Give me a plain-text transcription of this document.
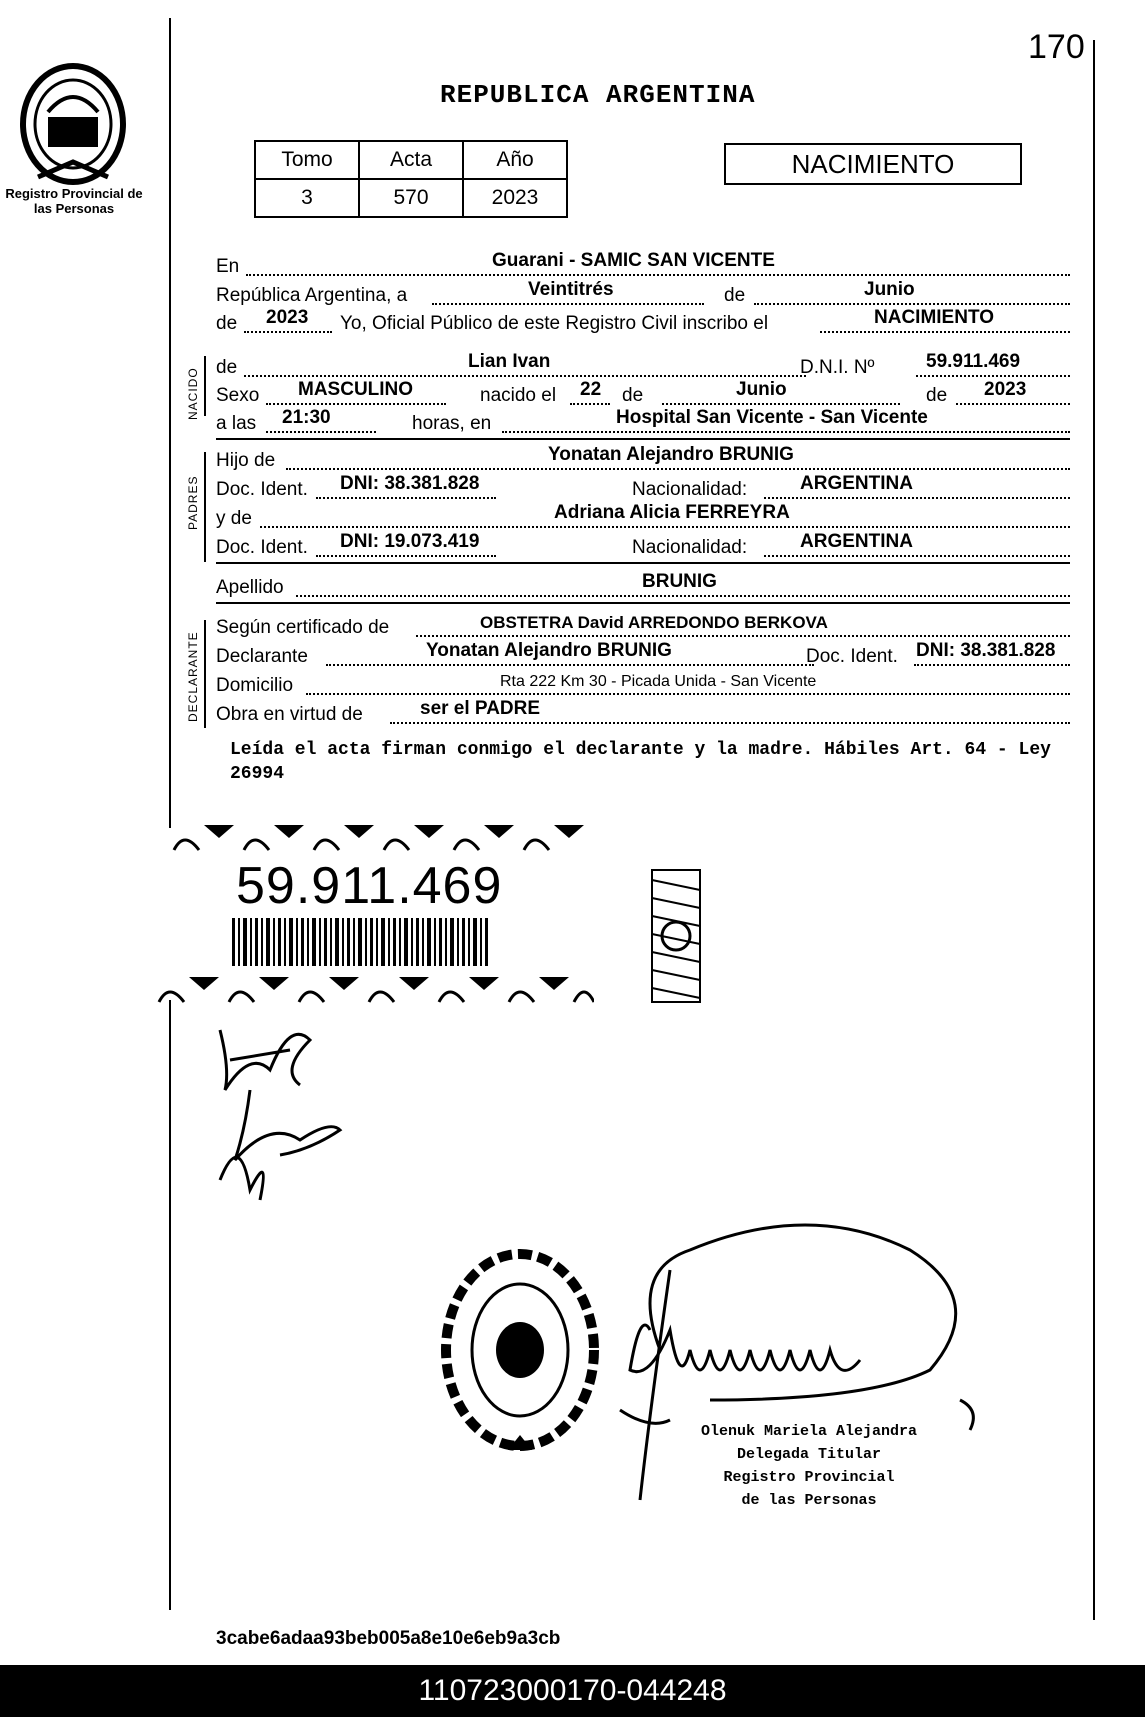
170
Registro Provincial de las Personas
REPUBLICA ARGENTINA
Tomo	Acta	Año
3	570	2023
NACIMIENTO
NACIDO
PADRES
DECLARANTE
En	Guarani - SAMIC SAN VICENTE
República Argentina, a	Veintitrés	de	Junio
de 2023 Yo, Oficial Público de este Registro Civil inscribo el	NACIMIENTO
de	Lian Ivan	D.N.I. Nº	59.911.469
Sexo MASCULINO	nacido el 22 de	Junio	de 2023
a las 21:30	horas, en	Hospital San Vicente - San Vicente
Hijo de	Yonatan Alejandro BRUNIG
Doc. Ident. DNI: 38.381.828	Nacionalidad:	ARGENTINA
y de	Adriana Alicia FERREYRA
Doc. Ident. DNI: 19.073.419	Nacionalidad:	ARGENTINA
Apellido	BRUNIG
Según certificado de	OBSTETRA David ARREDONDO BERKOVA
Declarante	Yonatan Alejandro BRUNIG	Doc. Ident. DNI: 38.381.828
Domicilio	Rta 222 Km 30 - Picada Unida - San Vicente
Obra en virtud de	ser el PADRE
Leída el acta firman conmigo el declarante y la madre. Hábiles Art. 64 - Ley 26994
59.911.469
Olenuk Mariela Alejandra
Delegada Titular
Registro Provincial
de las Personas
3cabe6adaa93beb005a8e10e6eb9a3cb
110723000170-044248
